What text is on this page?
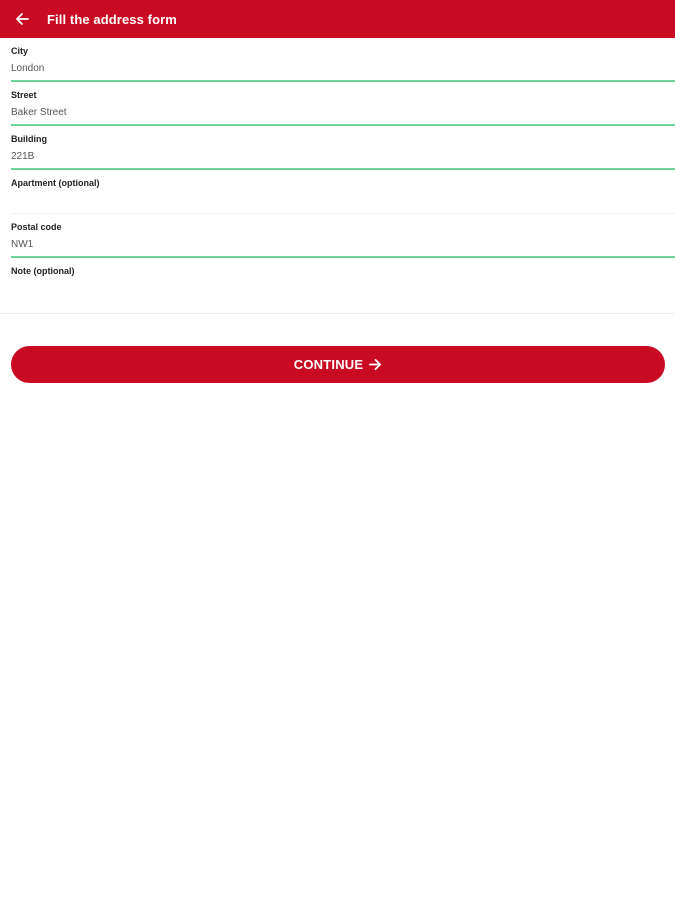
Fill the address form
City
London
Street
Baker Street
Building
221B
Apartment (optional)
Postal code
NW1
Note (optional)
CONTINUE
